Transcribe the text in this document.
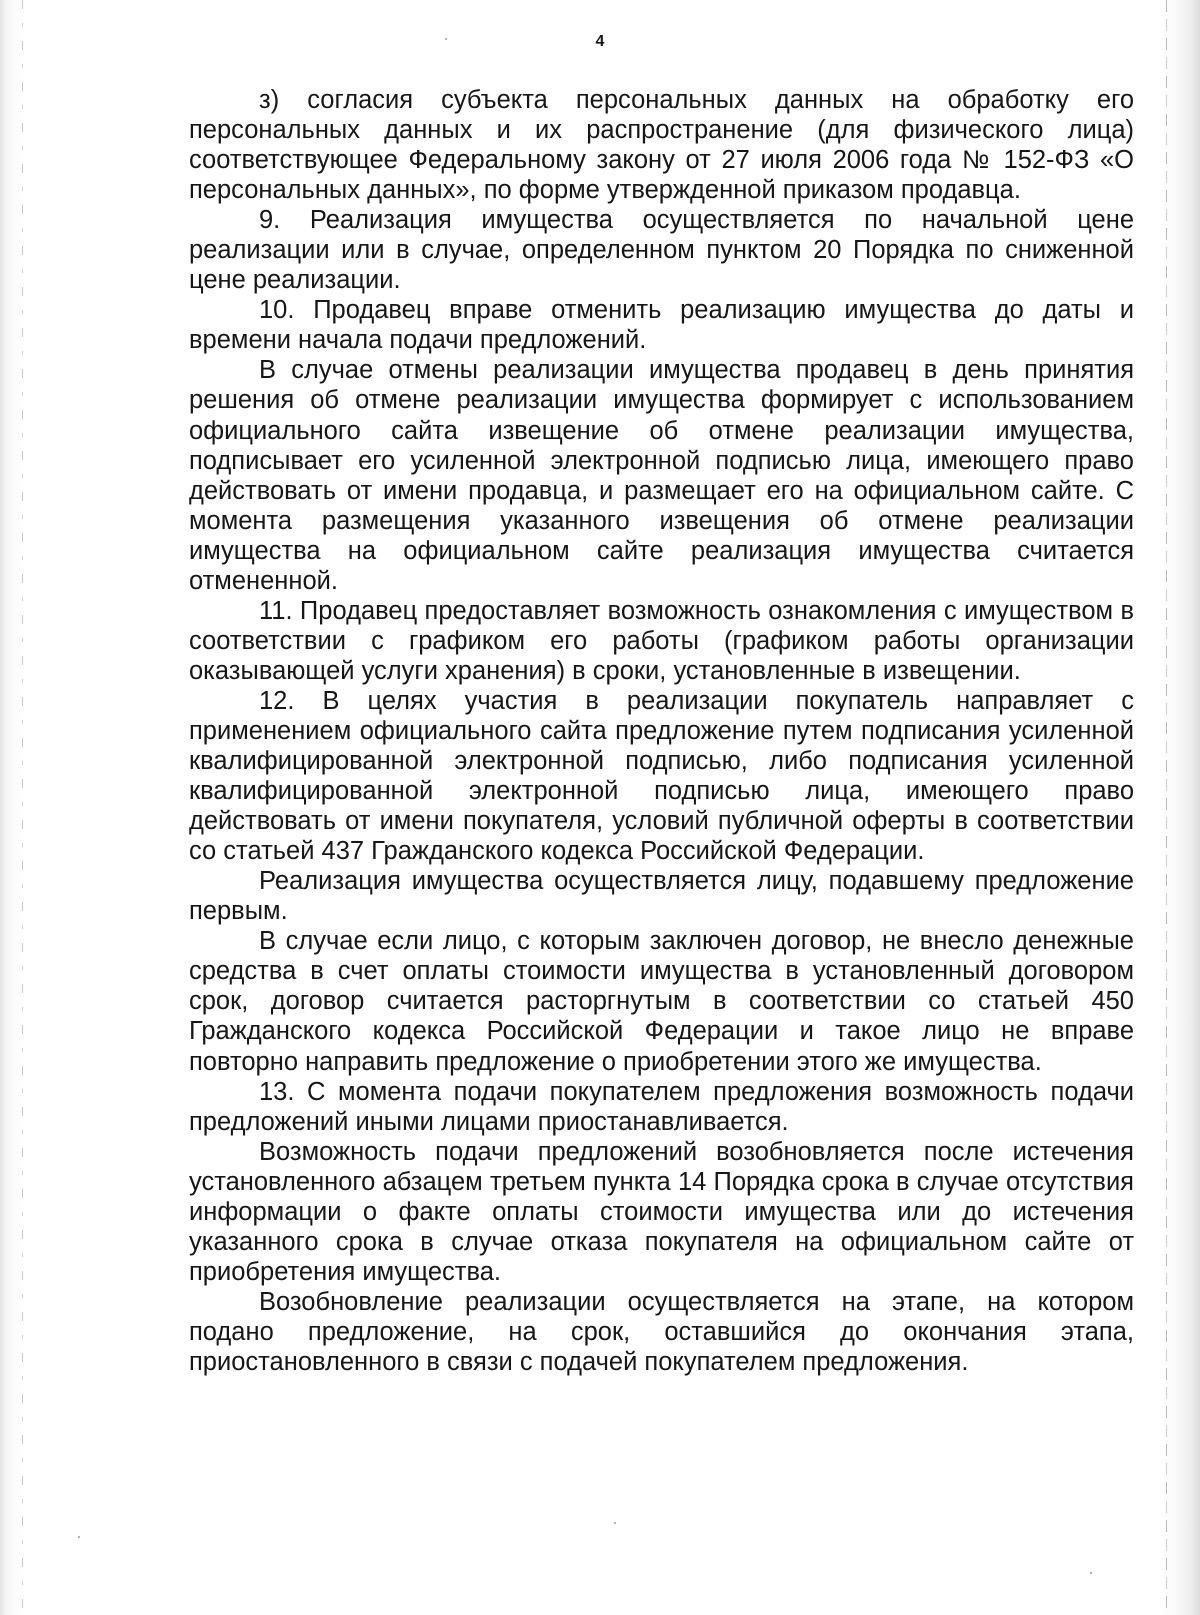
4

з) согласия субъекта персональных данных на обработку его персональных данных и их распространение (для физического лица) соответствующее Федеральному закону от 27 июля 2006 года № 152-ФЗ «О персональных данных», по форме утвержденной приказом продавца.

9. Реализация имущества осуществляется по начальной цене реализации или в случае, определенном пунктом 20 Порядка по сниженной цене реализации.

10. Продавец вправе отменить реализацию имущества до даты и времени начала подачи предложений.

В случае отмены реализации имущества продавец в день принятия решения об отмене реализации имущества формирует с использованием официального сайта извещение об отмене реализации имущества, подписывает его усиленной электронной подписью лица, имеющего право действовать от имени продавца, и размещает его на официальном сайте. С момента размещения указанного извещения об отмене реализации имущества на официальном сайте реализация имущества считается отмененной.

11. Продавец предоставляет возможность ознакомления с имуществом в соответствии с графиком его работы (графиком работы организации оказывающей услуги хранения) в сроки, установленные в извещении.

12. В целях участия в реализации покупатель направляет с применением официального сайта предложение путем подписания усиленной квалифицированной электронной подписью, либо подписания усиленной квалифицированной электронной подписью лица, имеющего право действовать от имени покупателя, условий публичной оферты в соответствии со статьей 437 Гражданского кодекса Российской Федерации.

Реализация имущества осуществляется лицу, подавшему предложение первым.

В случае если лицо, с которым заключен договор, не внесло денежные средства в счет оплаты стоимости имущества в установленный договором срок, договор считается расторгнутым в соответствии со статьей 450 Гражданского кодекса Российской Федерации и такое лицо не вправе повторно направить предложение о приобретении этого же имущества.

13. С момента подачи покупателем предложения возможность подачи предложений иными лицами приостанавливается.

Возможность подачи предложений возобновляется после истечения установленного абзацем третьем пункта 14 Порядка срока в случае отсутствия информации о факте оплаты стоимости имущества или до истечения указанного срока в случае отказа покупателя на официальном сайте от приобретения имущества.

Возобновление реализации осуществляется на этапе, на котором подано предложение, на срок, оставшийся до окончания этапа, приостановленного в связи с подачей покупателем предложения.
